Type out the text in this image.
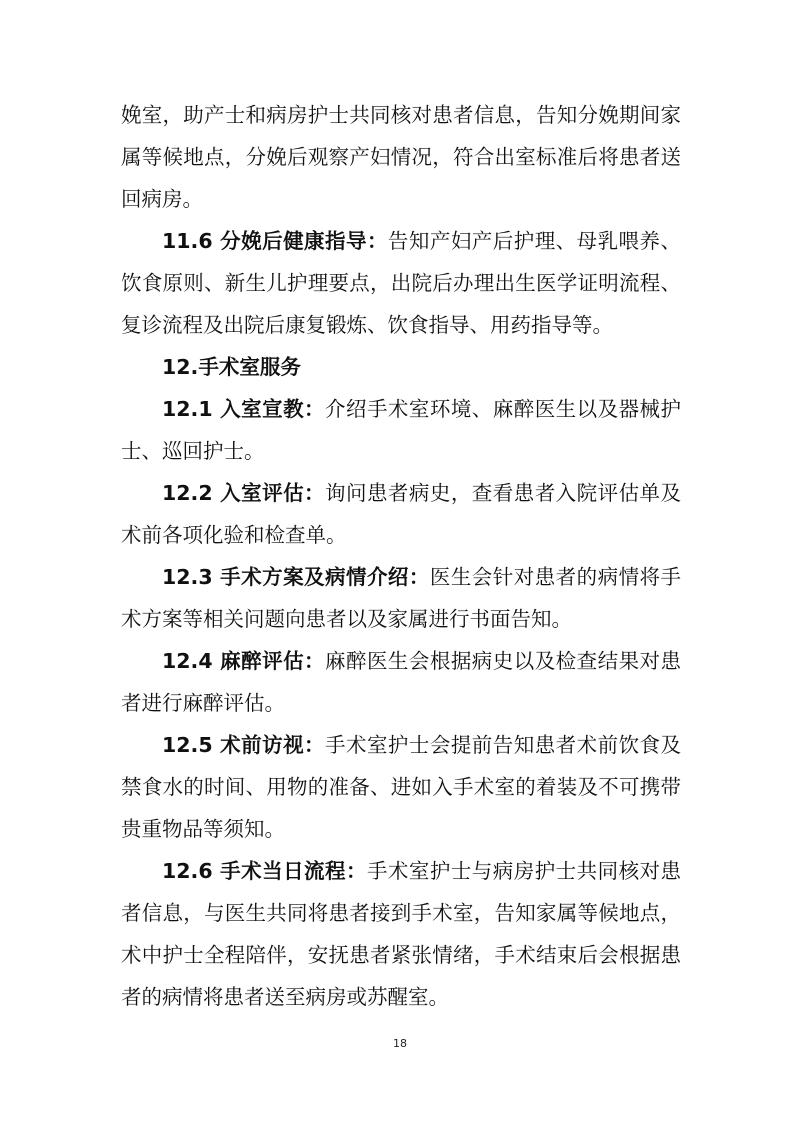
娩室，助产士和病房护士共同核对患者信息，告知分娩期间家属等候地点，分娩后观察产妇情况，符合出室标准后将患者送回病房。

11.6 分娩后健康指导：告知产妇产后护理、母乳喂养、饮食原则、新生儿护理要点，出院后办理出生医学证明流程、复诊流程及出院后康复锻炼、饮食指导、用药指导等。

12.手术室服务

12.1 入室宣教：介绍手术室环境、麻醉医生以及器械护士、巡回护士。

12.2 入室评估：询问患者病史，查看患者入院评估单及术前各项化验和检查单。

12.3 手术方案及病情介绍：医生会针对患者的病情将手术方案等相关问题向患者以及家属进行书面告知。

12.4 麻醉评估：麻醉医生会根据病史以及检查结果对患者进行麻醉评估。

12.5 术前访视：手术室护士会提前告知患者术前饮食及禁食水的时间、用物的准备、进如入手术室的着装及不可携带贵重物品等须知。

12.6 手术当日流程：手术室护士与病房护士共同核对患者信息，与医生共同将患者接到手术室，告知家属等候地点，术中护士全程陪伴，安抚患者紧张情绪，手术结束后会根据患者的病情将患者送至病房或苏醒室。

18
